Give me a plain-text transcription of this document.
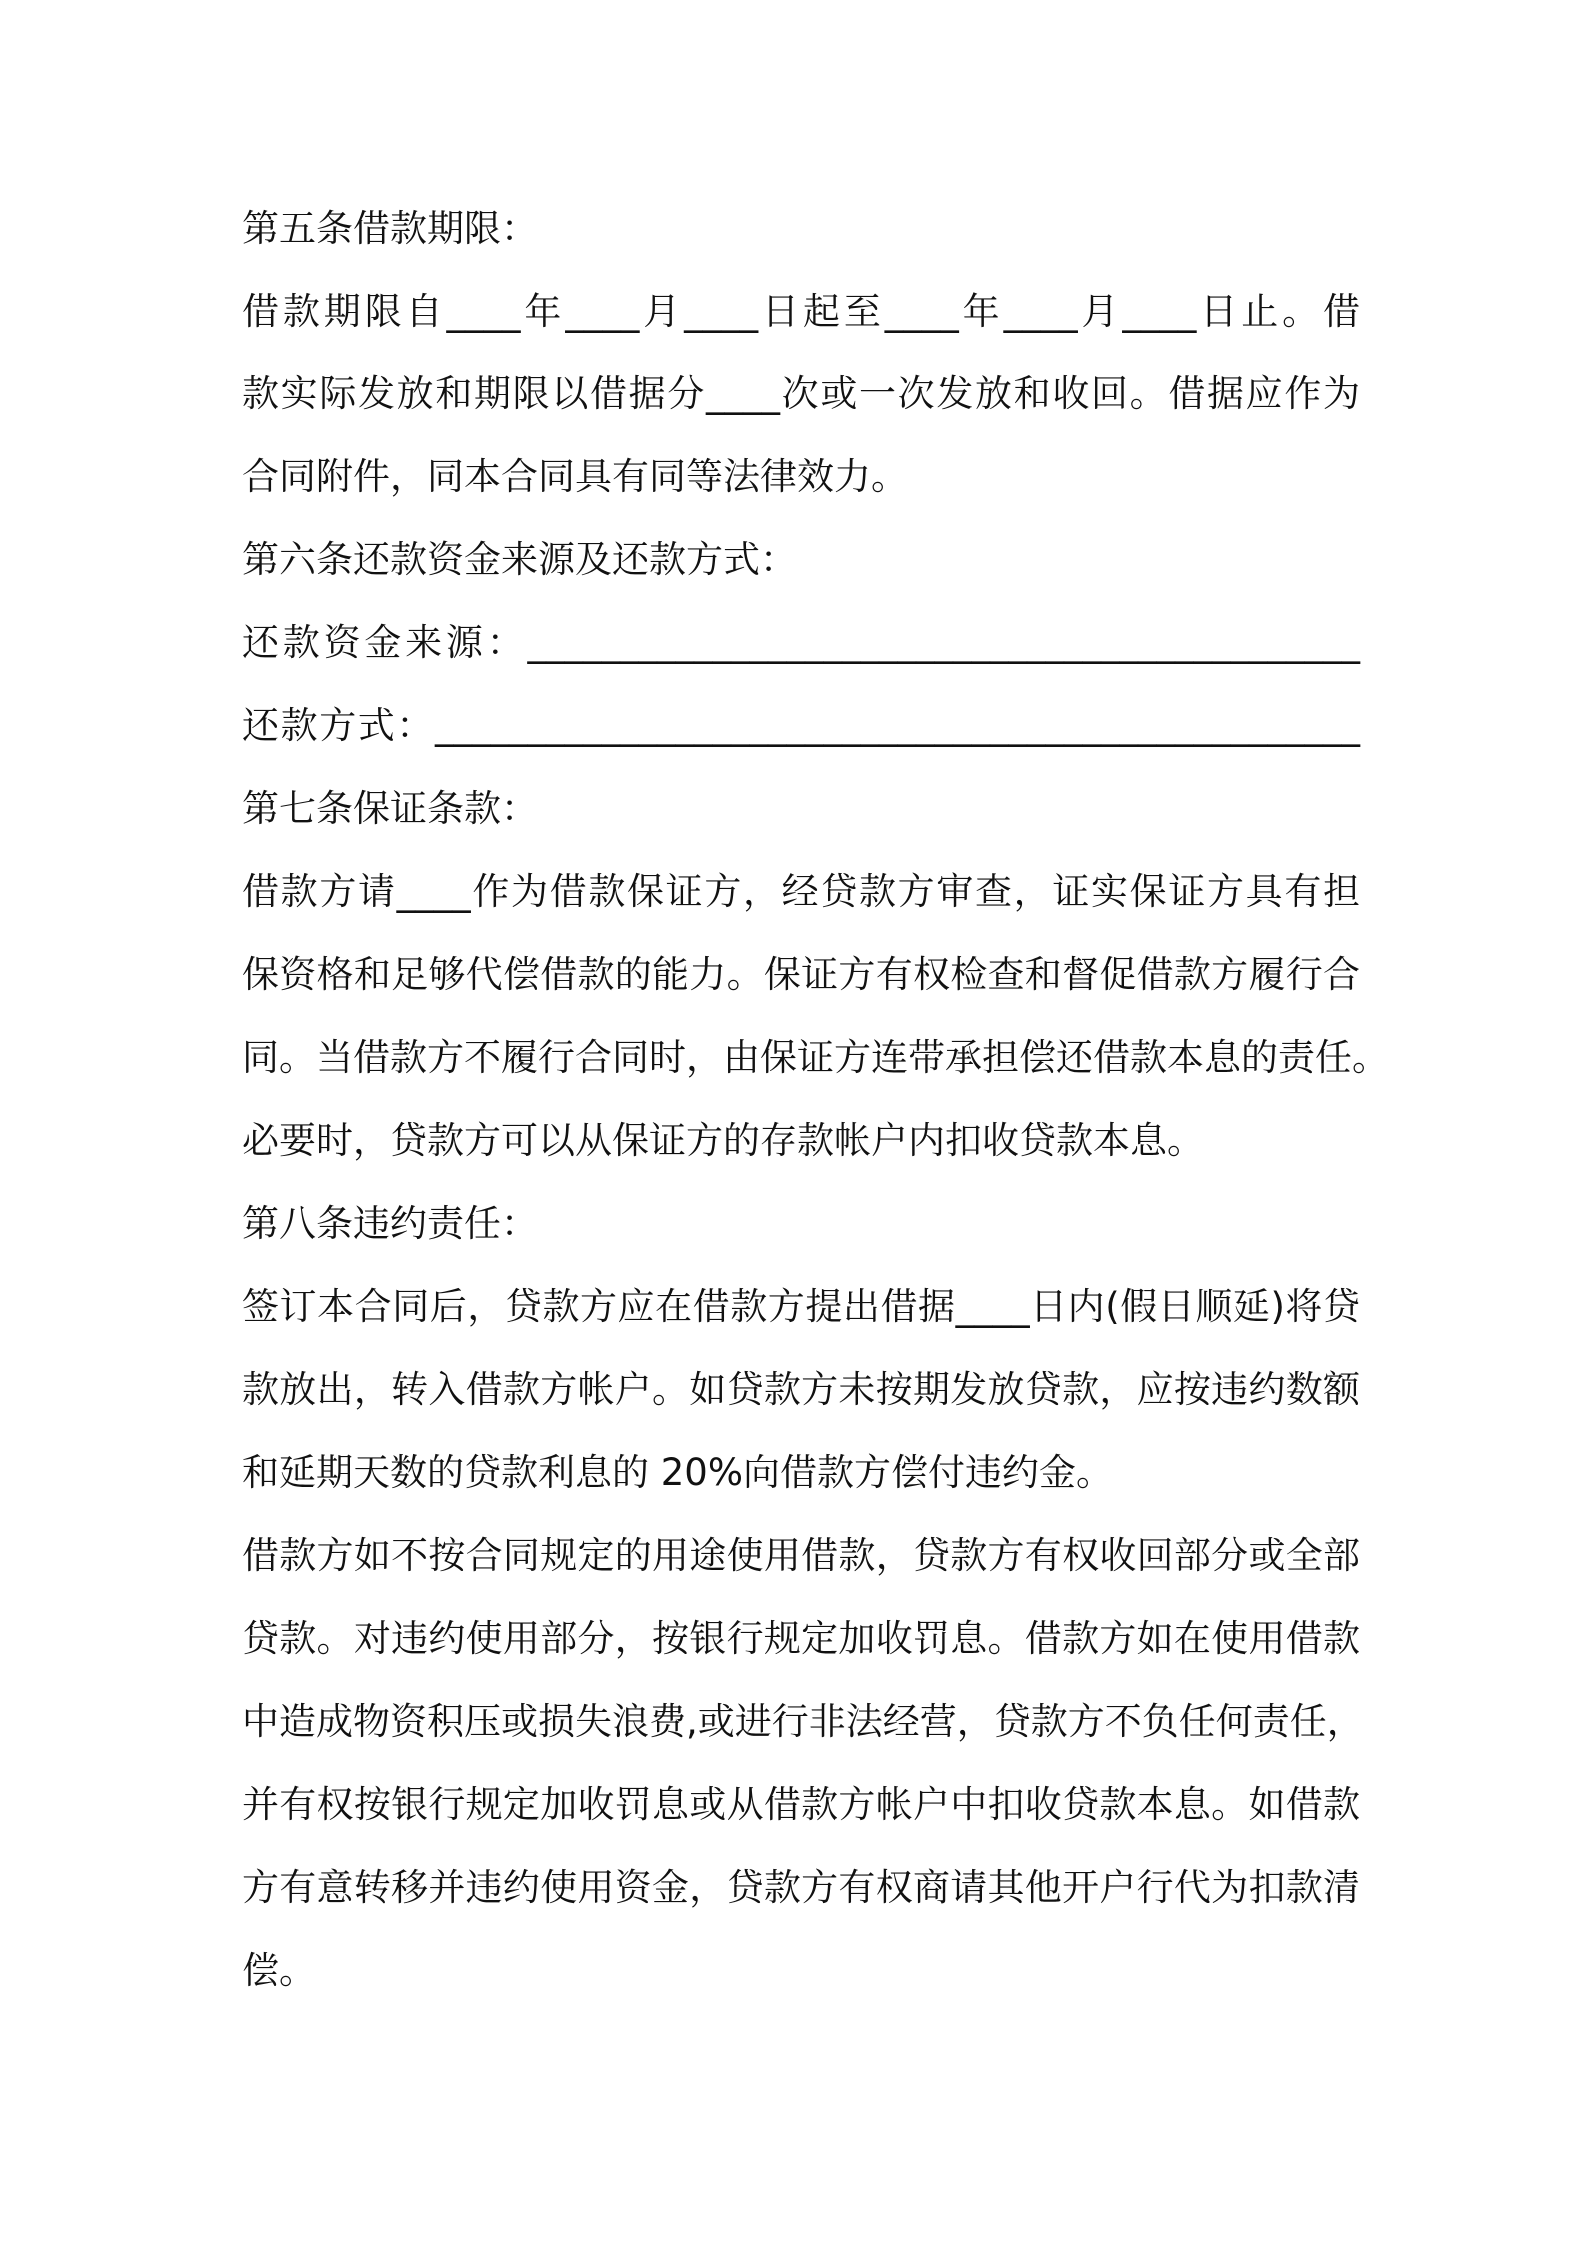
第五条借款期限：
借款期限自____年____月____日起至____年____月____日止。借
款实际发放和期限以借据分____次或一次发放和收回。借据应作为
合同附件，同本合同具有同等法律效力。
第六条还款资金来源及还款方式：
还款资金来源：_____________________________________________
还款方式：__________________________________________________
第七条保证条款：
借款方请____作为借款保证方，经贷款方审查，证实保证方具有担
保资格和足够代偿借款的能力。保证方有权检查和督促借款方履行合
同。当借款方不履行合同时，由保证方连带承担偿还借款本息的责任。
必要时，贷款方可以从保证方的存款帐户内扣收贷款本息。
第八条违约责任：
签订本合同后，贷款方应在借款方提出借据____日内(假日顺延)将贷
款放出，转入借款方帐户。如贷款方未按期发放贷款，应按违约数额
和延期天数的贷款利息的 20%向借款方偿付违约金。
借款方如不按合同规定的用途使用借款，贷款方有权收回部分或全部
贷款。对违约使用部分，按银行规定加收罚息。借款方如在使用借款
中造成物资积压或损失浪费,或进行非法经营，贷款方不负任何责任，
并有权按银行规定加收罚息或从借款方帐户中扣收贷款本息。如借款
方有意转移并违约使用资金，贷款方有权商请其他开户行代为扣款清
偿。
